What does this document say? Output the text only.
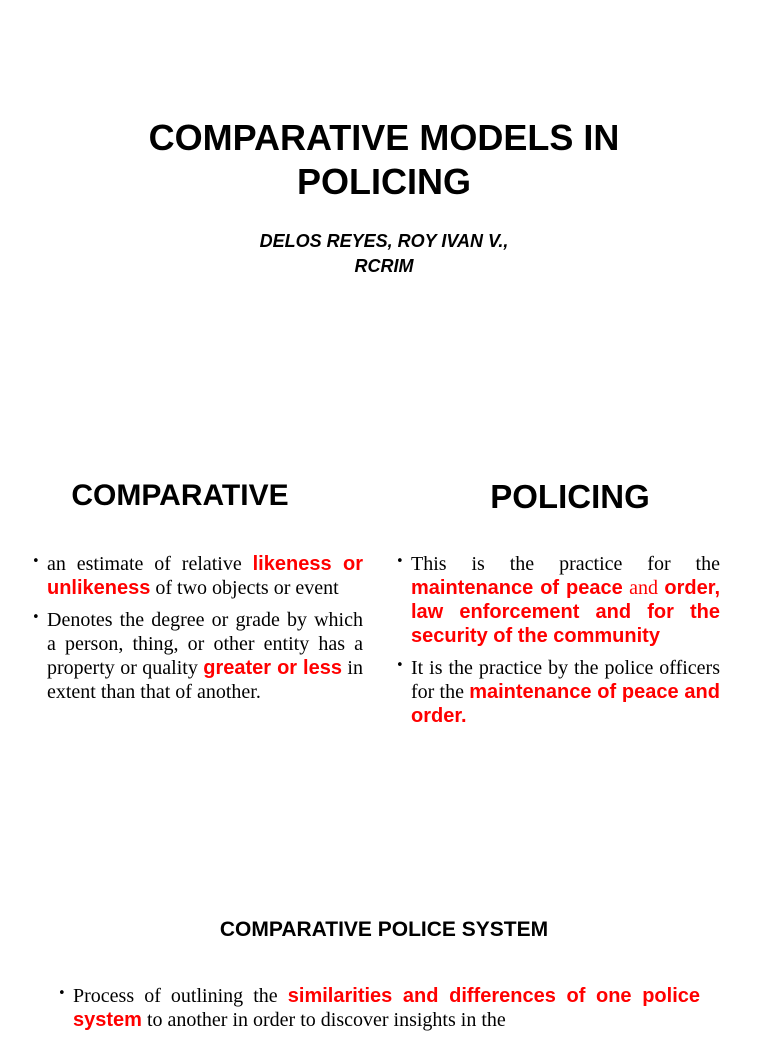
COMPARATIVE MODELS IN
POLICING
DELOS REYES, ROY IVAN V.,
RCRIM
COMPARATIVE	POLICING
• an estimate of relative likeness or unlikeness of two objects or event
• Denotes the degree or grade by which a person, thing, or other entity has a property or quality greater or less in extent than that of another.
• This is the practice for the maintenance of peace and order, law enforcement and for the security of the community
• It is the practice by the police officers for the maintenance of peace and order.
COMPARATIVE POLICE SYSTEM
• Process of outlining the similarities and differences of one police system to another in order to discover insights in the
